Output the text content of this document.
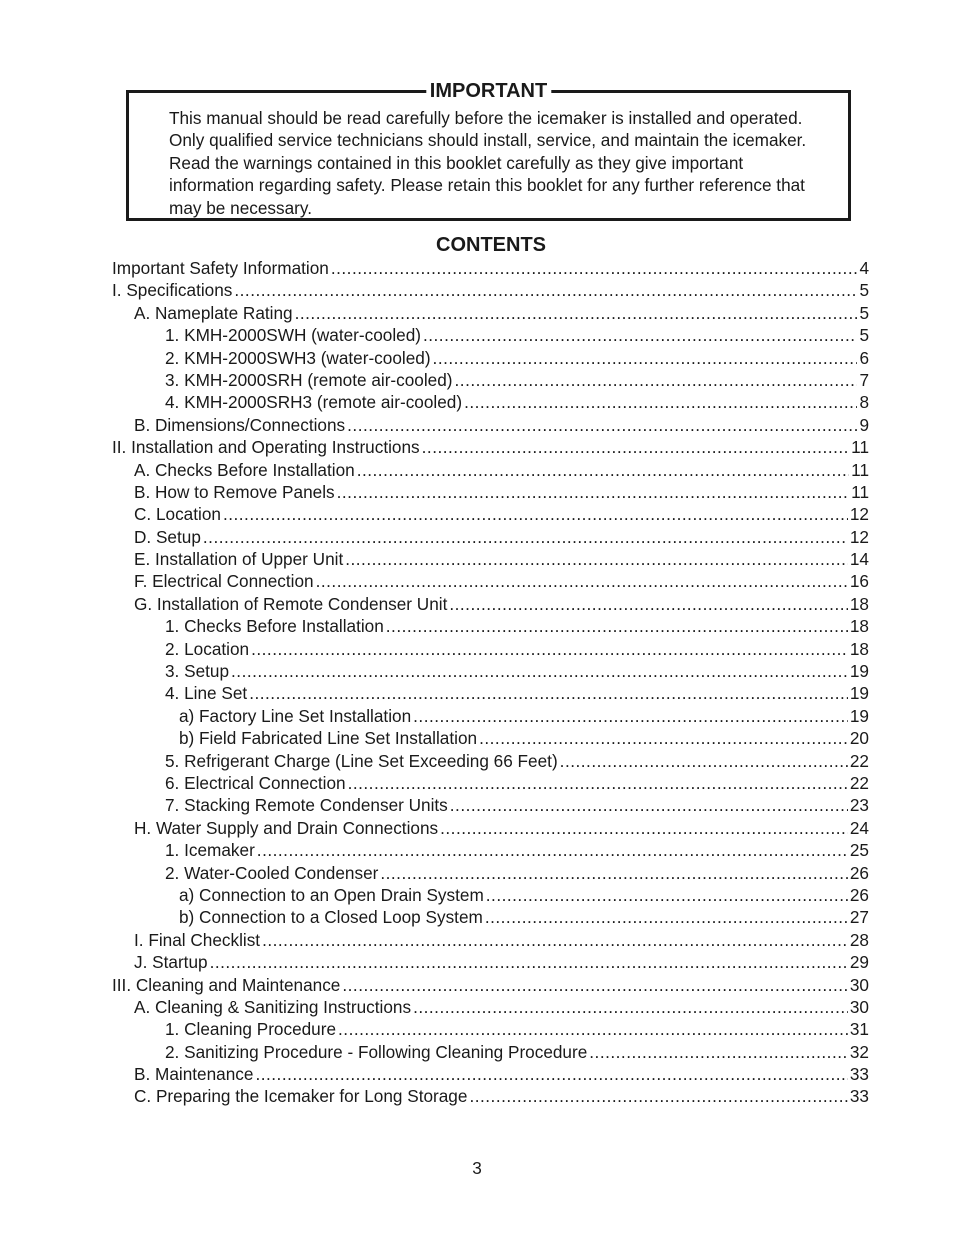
IMPORTANT
This manual should be read carefully before the icemaker is installed and operated. Only qualified service technicians should install, service, and maintain the icemaker. Read the warnings contained in this booklet carefully as they give important information regarding safety. Please retain this booklet for any further reference that may be necessary.
CONTENTS
Important Safety Information .....	4
I. Specifications .....	5
A. Nameplate Rating .....	5
1. KMH-2000SWH (water-cooled) .....	5
2. KMH-2000SWH3 (water-cooled) .....	6
3. KMH-2000SRH (remote air-cooled) .....	7
4. KMH-2000SRH3 (remote air-cooled) .....	8
B. Dimensions/Connections .....	9
II. Installation and Operating Instructions .....	11
A. Checks Before Installation .....	11
B. How to Remove Panels .....	11
C. Location .....	12
D. Setup .....	12
E. Installation of Upper Unit .....	14
F. Electrical Connection .....	16
G. Installation of Remote Condenser Unit .....	18
1. Checks Before Installation .....	18
2. Location .....	18
3. Setup .....	19
4. Line Set .....	19
a) Factory Line Set Installation .....	19
b) Field Fabricated Line Set Installation .....	20
5. Refrigerant Charge (Line Set Exceeding 66 Feet) .....	22
6. Electrical Connection .....	22
7. Stacking Remote Condenser Units .....	23
H. Water Supply and Drain Connections .....	24
1. Icemaker .....	25
2. Water-Cooled Condenser .....	26
a) Connection to an Open Drain System .....	26
b) Connection to a Closed Loop System .....	27
I. Final Checklist .....	28
J. Startup .....	29
III. Cleaning and Maintenance .....	30
A. Cleaning & Sanitizing Instructions .....	30
1. Cleaning Procedure .....	31
2. Sanitizing Procedure - Following Cleaning Procedure .....	32
B. Maintenance .....	33
C. Preparing the Icemaker for Long Storage .....	33
3
